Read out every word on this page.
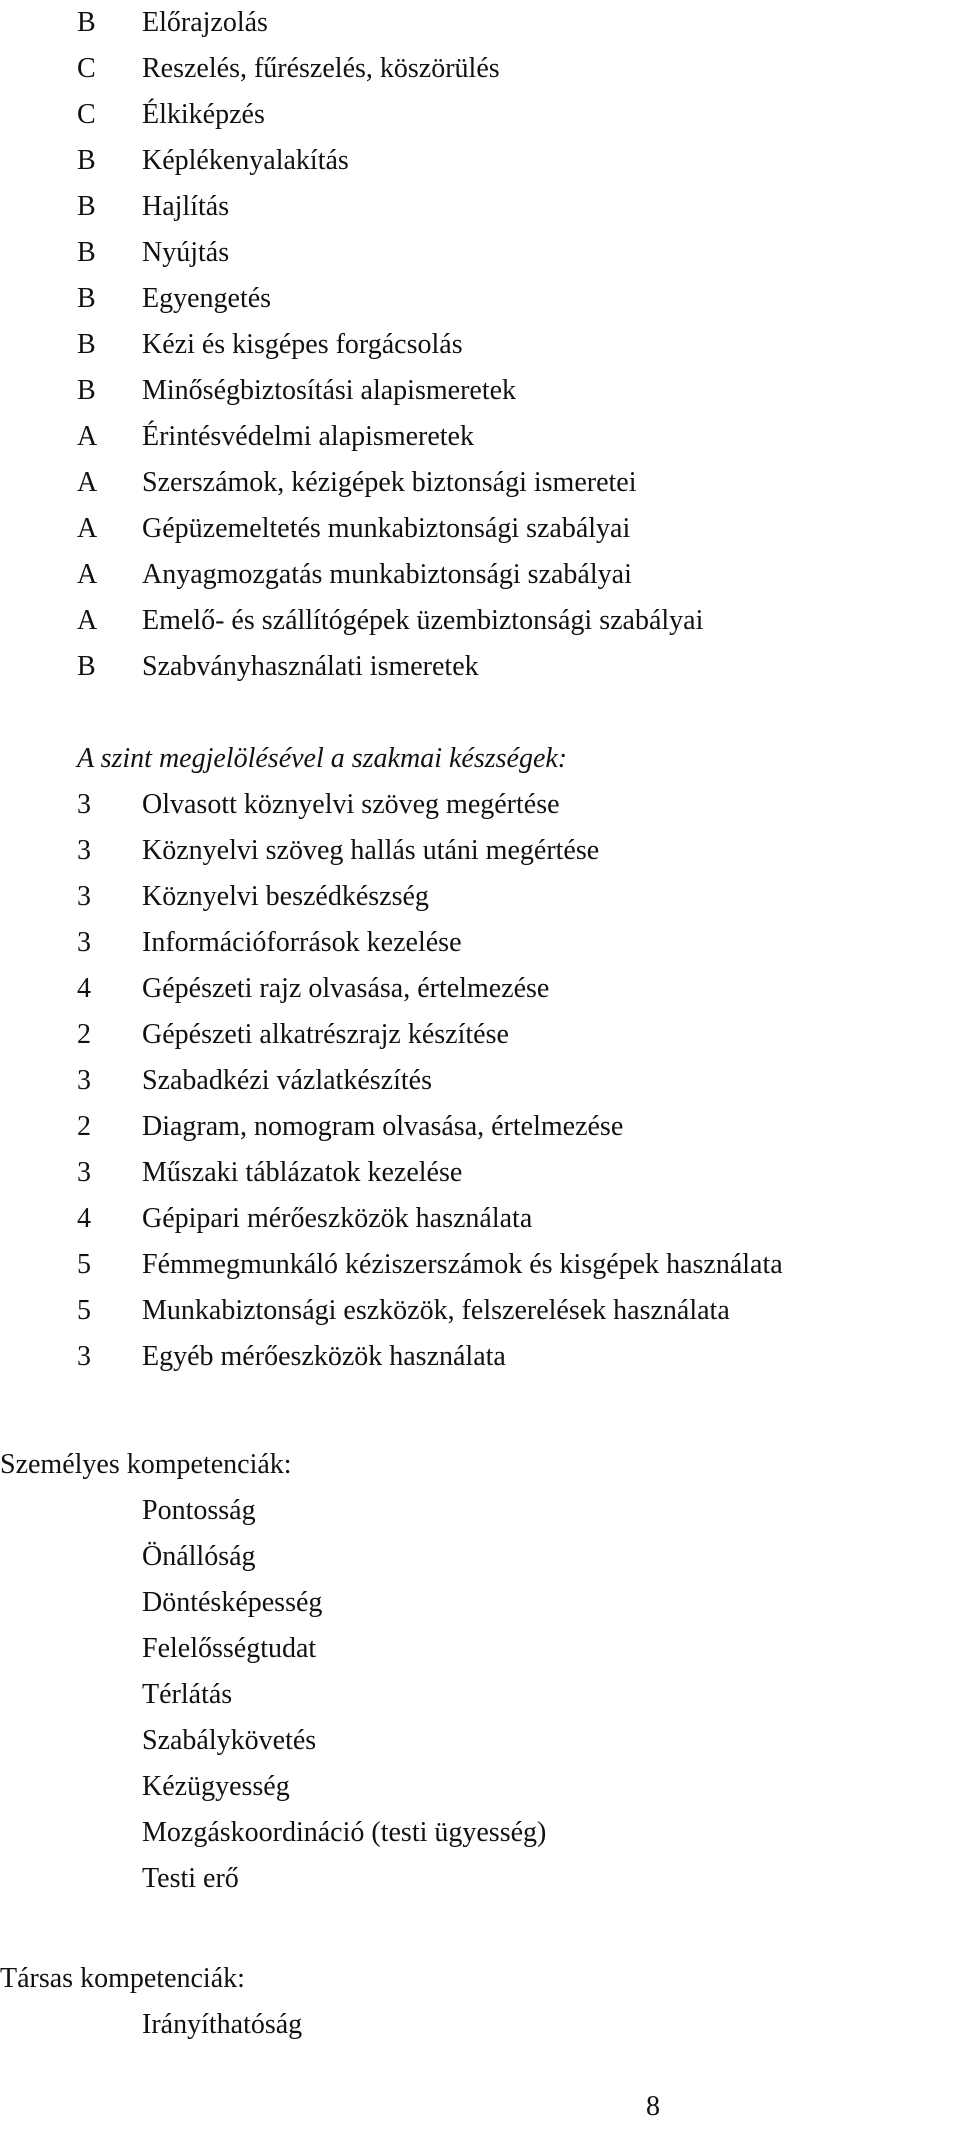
B	Előrajzolás
C	Reszelés, fűrészelés, köszörülés
C	Élkiképzés
B	Képlékenyalakítás
B	Hajlítás
B	Nyújtás
B	Egyengetés
B	Kézi és kisgépes forgácsolás
B	Minőségbiztosítási alapismeretek
A	Érintésvédelmi alapismeretek
A	Szerszámok, kézigépek biztonsági ismeretei
A	Gépüzemeltetés munkabiztonsági szabályai
A	Anyagmozgatás munkabiztonsági szabályai
A	Emelő- és szállítógépek üzembiztonsági szabályai
B	Szabványhasználati ismeretek
A szint megjelölésével a szakmai készségek:
3	Olvasott köznyelvi szöveg megértése
3	Köznyelvi szöveg hallás utáni megértése
3	Köznyelvi beszédkészség
3	Információforrások kezelése
4	Gépészeti rajz olvasása, értelmezése
2	Gépészeti alkatrészrajz készítése
3	Szabadkézi vázlatkészítés
2	Diagram, nomogram olvasása, értelmezése
3	Műszaki táblázatok kezelése
4	Gépipari mérőeszközök használata
5	Fémmegmunkáló kéziszerszámok és kisgépek használata
5	Munkabiztonsági eszközök, felszerelések használata
3	Egyéb mérőeszközök használata
Személyes kompetenciák:
Pontosság
Önállóság
Döntésképesség
Felelősségtudat
Térlátás
Szabálykövetés
Kézügyesség
Mozgáskoordináció (testi ügyesség)
Testi erő
Társas kompetenciák:
Irányíthatóság
8
